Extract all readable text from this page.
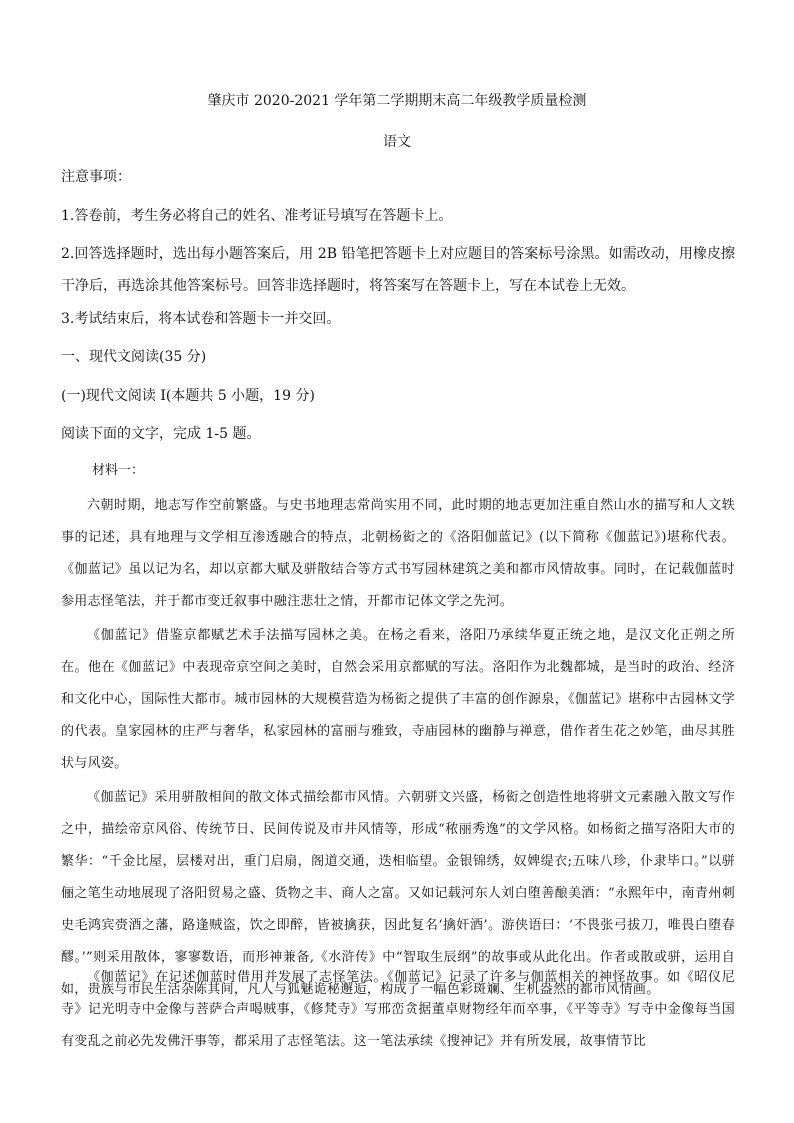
肇庆市 2020-2021 学年第二学期期末高二年级教学质量检测
语文
注意事项：
1.答卷前，考生务必将自己的姓名、准考证号填写在答题卡上。
2.回答选择题时，选出每小题答案后，用 2B 铅笔把答题卡上对应题目的答案标号涂黑。如需改动，用橡皮擦干净后，再选涂其他答案标号。回答非选择题时，将答案写在答题卡上，写在本试卷上无效。
3.考试结束后，将本试卷和答题卡一并交回。
一、现代文阅读(35 分)
(一)现代文阅读 I(本题共 5 小题，19 分)
阅读下面的文字，完成 1-5 题。
材料一：
六朝时期，地志写作空前繁盛。与史书地理志常尚实用不同，此时期的地志更加注重自然山水的描写和人文轶事的记述，具有地理与文学相互渗透融合的特点，北朝杨衒之的《洛阳伽蓝记》(以下简称《伽蓝记》)堪称代表。《伽蓝记》虽以记为名，却以京都大赋及骈散结合等方式书写园林建筑之美和都市风情故事。同时，在记载伽蓝时参用志怪笔法，并于都市变迁叙事中融注悲壮之情，开都市记体文学之先河。
《伽蓝记》借鉴京都赋艺术手法描写园林之美。在杨之看来，洛阳乃承续华夏正统之地，是汉文化正朔之所在。他在《伽蓝记》中表现帝京空间之美时，自然会采用京都赋的写法。洛阳作为北魏都城，是当时的政治、经济和文化中心，国际性大都市。城市园林的大规模营造为杨衒之提供了丰富的创作源泉，《伽蓝记》堪称中古园林文学的代表。皇家园林的庄严与奢华，私家园林的富丽与雅致，寺庙园林的幽静与禅意，借作者生花之妙笔，曲尽其胜状与风姿。
《伽蓝记》采用骈散相间的散文体式描绘都市风情。六朝骈文兴盛，杨衒之创造性地将骈文元素融入散文写作之中，描绘帝京风俗、传统节日、民间传说及市井风情等，形成“秾丽秀逸”的文学风格。如杨衒之描写洛阳大市的繁华：“千金比屋，层楼对出，重门启扇，阁道交通，迭相临望。金银锦绣，奴婢缇衣;五味八珍，仆隶毕口。”以骈俪之笔生动地展现了洛阳贸易之盛、货物之丰、商人之富。又如记载河东人刘白堕善酿美酒：“永熙年中，南青州刺史毛鸿宾赍酒之藩，路逢贼盗，饮之即醉，皆被擒获，因此复名‘擒奸酒’。游侠语曰：‘不畏张弓拔刀，唯畏白堕春醪。’”则采用散体，寥寥数语，而形神兼备,《水浒传》中“智取生辰纲”的故事或从此化出。作者或散或骈，运用自如，贵族与市民生活杂陈其间，凡人与狐魅诡秘邂逅，构成了一幅色彩斑斓、生机盎然的都市风情画。
《伽蓝记》在记述伽蓝时借用并发展了志怪笔法。《伽蓝记》记录了许多与伽蓝相关的神怪故事。如《昭仪尼寺》记光明寺中金像与菩萨合声喝贼事，《修梵寺》写邢峦贪据董卓财物经年而卒事，《平等寺》写寺中金像每当国有变乱之前必先发佛汗事等，都采用了志怪笔法。这一笔法承续《搜神记》并有所发展，故事情节比
